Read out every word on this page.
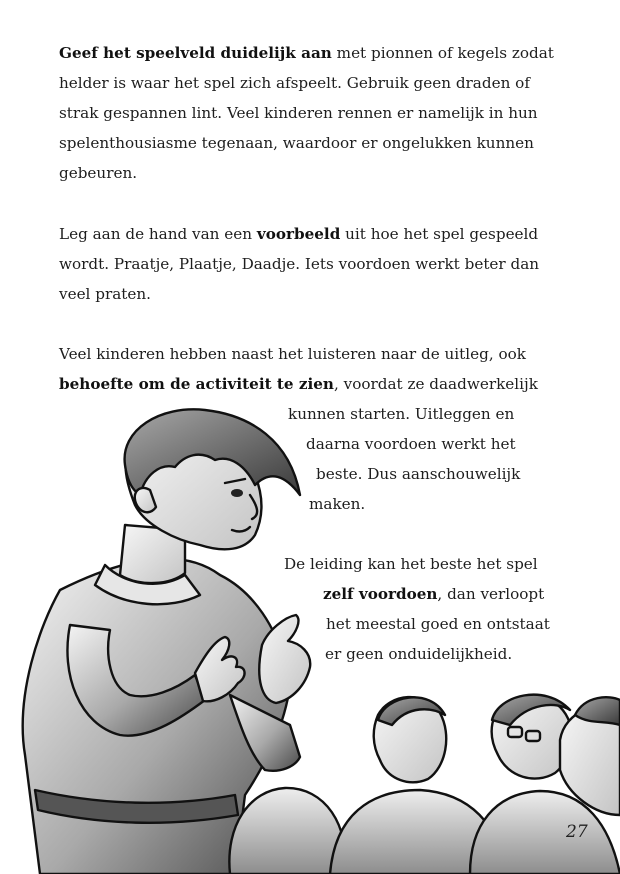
Geef het speelveld duidelijk aan met pionnen of kegels zodat helder is waar het spel zich afspeelt. Gebruik geen draden of strak gespannen lint. Veel kinderen rennen er namelijk in hun spelenthousiasme tegenaan, waardoor er ongelukken kunnen gebeuren.

Leg aan de hand van een voorbeeld uit hoe het spel gespeeld wordt. Praatje, Plaatje, Daadje. Iets voordoen werkt beter dan veel praten.

Veel kinderen hebben naast het luisteren naar de uitleg, ook

behoefte om de activiteit te zien, voordat ze daadwerkelijk

kunnen starten. Uitleggen en

daarna voordoen werkt het

beste. Dus aanschouwelijk

maken.

De leiding kan het beste het spel

zelf voordoen, dan verloopt

het meestal goed en ontstaat

er geen onduidelijkheid.

27
